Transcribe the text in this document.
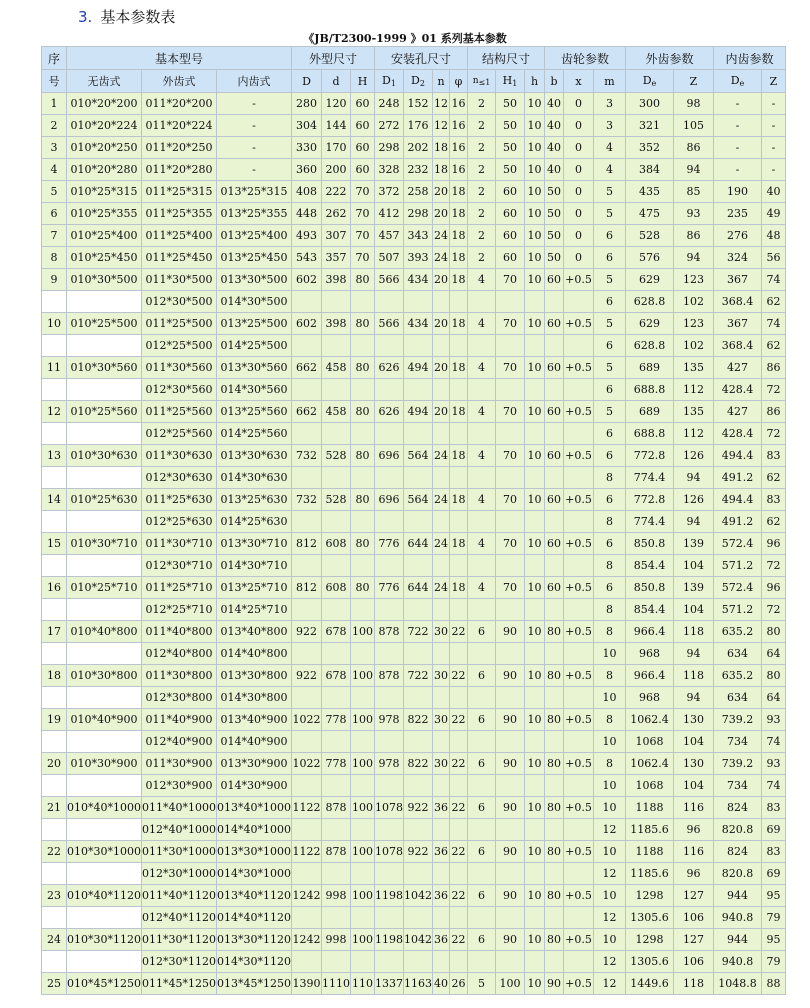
3. 基本参数表
《JB/T2300-1999 》01 系列基本参数
序	基本型号			外型尺寸			安装孔尺寸				结构尺寸			齿轮参数			外齿参数		内齿参数	
号	无齿式	外齿式	内齿式	D	d	H	$D_1$	$D_2$	n	φ	$n_{\le 1}$	$H_1$	h	b	x	m	$D_e$	Z	$D_e$	Z
1	010*20*200	011*20*200	-	280	120	60	248	152	12	16	2	50	10	40	0	3	300	98	-	-
2	010*20*224	011*20*224	-	304	144	60	272	176	12	16	2	50	10	40	0	3	321	105	-	-
3	010*20*250	011*20*250	-	330	170	60	298	202	18	16	2	50	10	40	0	4	352	86	-	-
4	010*20*280	011*20*280	-	360	200	60	328	232	18	16	2	50	10	40	0	4	384	94	-	-
5	010*25*315	011*25*315	013*25*315	408	222	70	372	258	20	18	2	60	10	50	0	5	435	85	190	40
6	010*25*355	011*25*355	013*25*355	448	262	70	412	298	20	18	2	60	10	50	0	5	475	93	235	49
7	010*25*400	011*25*400	013*25*400	493	307	70	457	343	24	18	2	60	10	50	0	6	528	86	276	48
8	010*25*450	011*25*450	013*25*450	543	357	70	507	393	24	18	2	60	10	50	0	6	576	94	324	56
9	010*30*500	011*30*500	013*30*500	602	398	80	566	434	20	18	4	70	10	60	+0.5	5	629	123	367	74
		012*30*500	014*30*500													6	628.8	102	368.4	62
10	010*25*500	011*25*500	013*25*500	602	398	80	566	434	20	18	4	70	10	60	+0.5	5	629	123	367	74
		012*25*500	014*25*500													6	628.8	102	368.4	62
11	010*30*560	011*30*560	013*30*560	662	458	80	626	494	20	18	4	70	10	60	+0.5	5	689	135	427	86
		012*30*560	014*30*560													6	688.8	112	428.4	72
12	010*25*560	011*25*560	013*25*560	662	458	80	626	494	20	18	4	70	10	60	+0.5	5	689	135	427	86
		012*25*560	014*25*560													6	688.8	112	428.4	72
13	010*30*630	011*30*630	013*30*630	732	528	80	696	564	24	18	4	70	10	60	+0.5	6	772.8	126	494.4	83
		012*30*630	014*30*630													8	774.4	94	491.2	62
14	010*25*630	011*25*630	013*25*630	732	528	80	696	564	24	18	4	70	10	60	+0.5	6	772.8	126	494.4	83
		012*25*630	014*25*630													8	774.4	94	491.2	62
15	010*30*710	011*30*710	013*30*710	812	608	80	776	644	24	18	4	70	10	60	+0.5	6	850.8	139	572.4	96
		012*30*710	014*30*710													8	854.4	104	571.2	72
16	010*25*710	011*25*710	013*25*710	812	608	80	776	644	24	18	4	70	10	60	+0.5	6	850.8	139	572.4	96
		012*25*710	014*25*710													8	854.4	104	571.2	72
17	010*40*800	011*40*800	013*40*800	922	678	100	878	722	30	22	6	90	10	80	+0.5	8	966.4	118	635.2	80
		012*40*800	014*40*800													10	968	94	634	64
18	010*30*800	011*30*800	013*30*800	922	678	100	878	722	30	22	6	90	10	80	+0.5	8	966.4	118	635.2	80
		012*30*800	014*30*800													10	968	94	634	64
19	010*40*900	011*40*900	013*40*900	1022	778	100	978	822	30	22	6	90	10	80	+0.5	8	1062.4	130	739.2	93
		012*40*900	014*40*900													10	1068	104	734	74
20	010*30*900	011*30*900	013*30*900	1022	778	100	978	822	30	22	6	90	10	80	+0.5	8	1062.4	130	739.2	93
		012*30*900	014*30*900													10	1068	104	734	74
21	010*40*1000	011*40*1000	013*40*1000	1122	878	100	1078	922	36	22	6	90	10	80	+0.5	10	1188	116	824	83
		012*40*1000	014*40*1000													12	1185.6	96	820.8	69
22	010*30*1000	011*30*1000	013*30*1000	1122	878	100	1078	922	36	22	6	90	10	80	+0.5	10	1188	116	824	83
		012*30*1000	014*30*1000													12	1185.6	96	820.8	69
23	010*40*1120	011*40*1120	013*40*1120	1242	998	100	1198	1042	36	22	6	90	10	80	+0.5	10	1298	127	944	95
		012*40*1120	014*40*1120													12	1305.6	106	940.8	79
24	010*30*1120	011*30*1120	013*30*1120	1242	998	100	1198	1042	36	22	6	90	10	80	+0.5	10	1298	127	944	95
		012*30*1120	014*30*1120													12	1305.6	106	940.8	79
25	010*45*1250	011*45*1250	013*45*1250	1390	1110	110	1337	1163	40	26	5	100	10	90	+0.5	12	1449.6	118	1048.8	88
